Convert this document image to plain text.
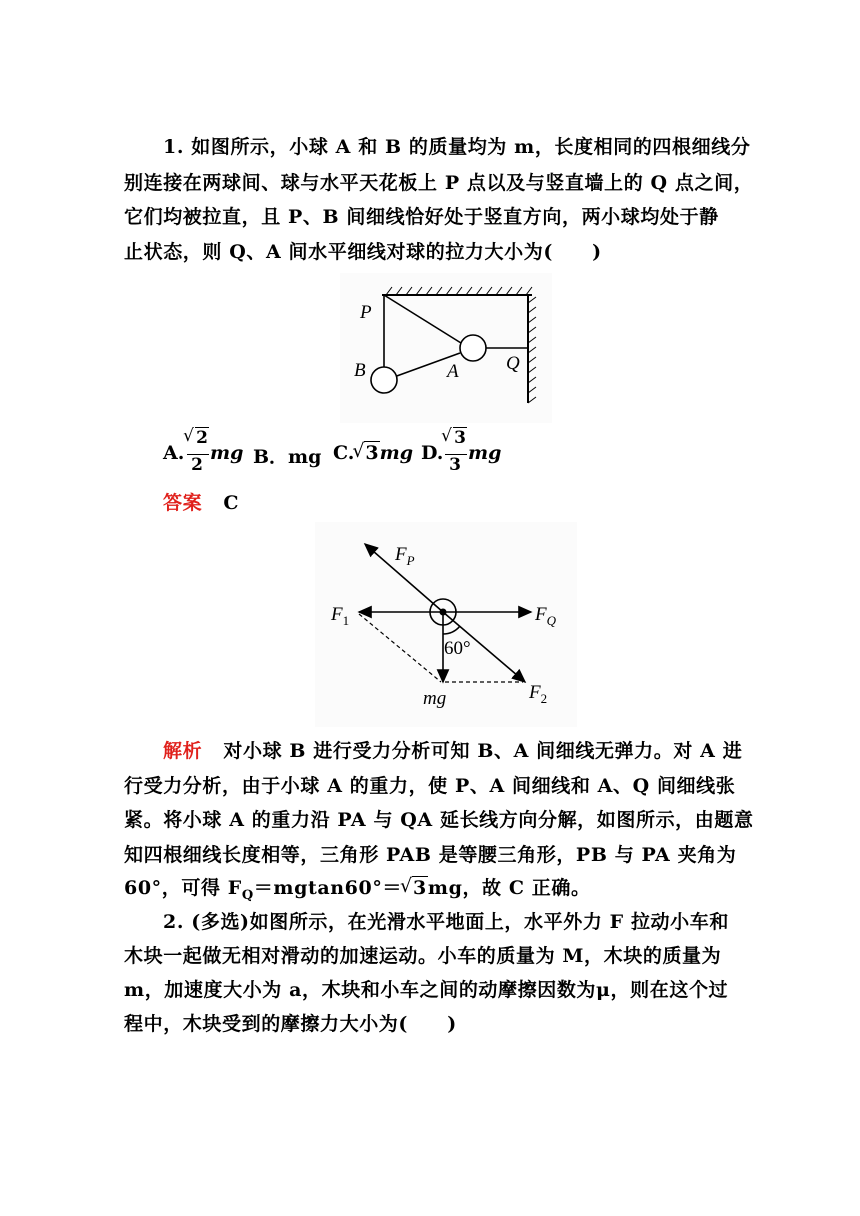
1. 如图所示，小球 A 和 B 的质量均为 m，长度相同的四根细线分
别连接在两球间、球与水平天花板上 P 点以及与竖直墙上的 Q 点之间，
它们均被拉直，且 P、B 间细线恰好处于竖直方向，两小球均处于静
止状态，则 Q、A 间水平细线对球的拉力大小为(　　)
P
B	A Q
A.
√ 2
2
mg B．mg C.√ 3mg D.
√ 3
3
mg
答案 C
$F_P$
$F_1$	$F_Q$
$F_2$
mg
60°
解析 对小球 B 进行受力分析可知 B、A 间细线无弹力。对 A 进
行受力分析，由于小球 A 的重力，使 P、A 间细线和 A、Q 间细线张
紧。将小球 A 的重力沿 PA 与 QA 延长线方向分解，如图所示，由题意
知四根细线长度相等，三角形 PAB 是等腰三角形，PB 与 PA 夹角为
60°，可得 $F_Q=mgtan60^\circ=√$ 3mg，故 C 正确。
2. (多选)如图所示，在光滑水平地面上，水平外力 F 拉动小车和
木块一起做无相对滑动的加速运动。小车的质量为 M，木块的质量为
m，加速度大小为 a，木块和小车之间的动摩擦因数为μ，则在这个过
程中，木块受到的摩擦力大小为(　　)
